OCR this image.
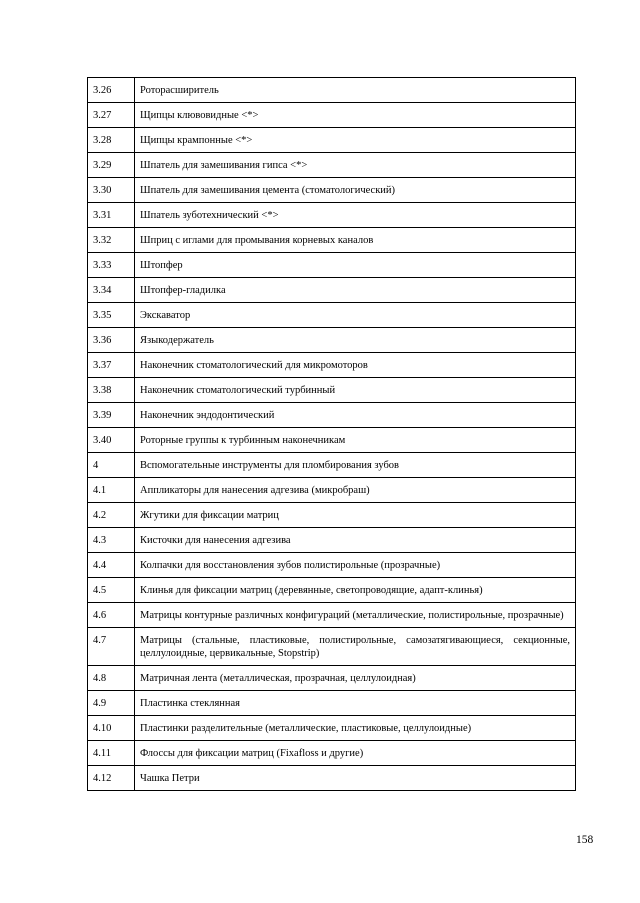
3.26	Роторасширитель
3.27	Щипцы клювовидные <*>
3.28	Щипцы крампонные <*>
3.29	Шпатель для замешивания гипса <*>
3.30	Шпатель для замешивания цемента (стоматологический)
3.31	Шпатель зуботехнический <*>
3.32	Шприц с иглами для промывания корневых каналов
3.33	Штопфер
3.34	Штопфер-гладилка
3.35	Экскаватор
3.36	Языкодержатель
3.37	Наконечник стоматологический для микромоторов
3.38	Наконечник стоматологический турбинный
3.39	Наконечник эндодонтический
3.40	Роторные группы к турбинным наконечникам
4	Вспомогательные инструменты для пломбирования зубов
4.1	Аппликаторы для нанесения адгезива (микробраш)
4.2	Жгутики для фиксации матриц
4.3	Кисточки для нанесения адгезива
4.4	Колпачки для восстановления зубов полистирольные (прозрачные)
4.5	Клинья для фиксации матриц (деревянные, светопроводящие, адапт-клинья)
4.6	Матрицы контурные различных конфигураций (металлические, полистирольные, прозрачные)
4.7	Матрицы (стальные, пластиковые, полистирольные, самозатягивающиеся, секционные, целлулоидные, цервикальные, Stopstrip)
4.8	Матричная лента (металлическая, прозрачная, целлулоидная)
4.9	Пластинка стеклянная
4.10	Пластинки разделительные (металлические, пластиковые, целлулоидные)
4.11	Флоссы для фиксации матриц (Fixafloss и другие)
4.12	Чашка Петри
158
